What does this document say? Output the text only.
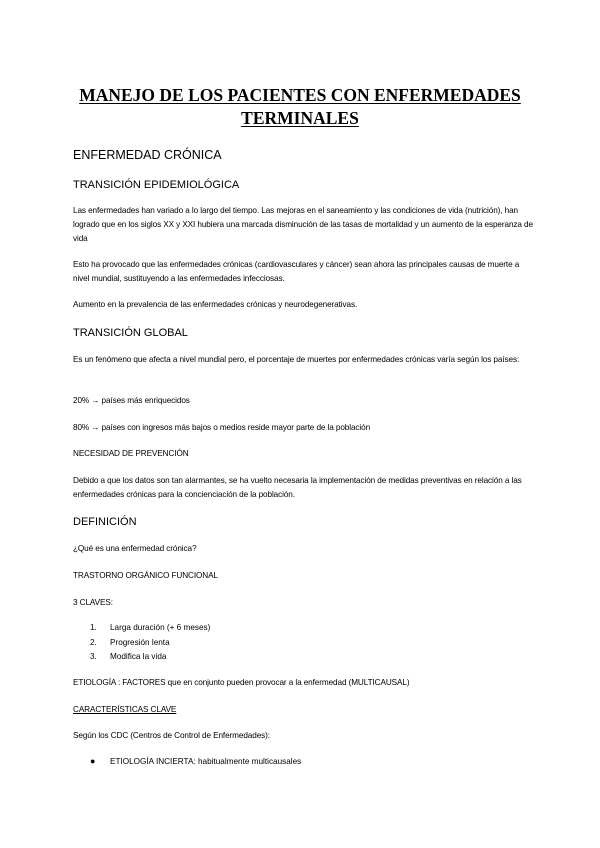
MANEJO DE LOS PACIENTES CON ENFERMEDADES TERMINALES
ENFERMEDAD CRÓNICA
TRANSICIÓN EPIDEMIOLÓGICA
Las enfermedades han variado a lo largo del tiempo. Las mejoras en el saneamiento y las condiciones de vida (nutrición), han logrado que en los siglos XX y XXI hubiera una marcada disminución de las tasas de mortalidad y un aumento de la esperanza de vida
Esto ha provocado que las enfermedades crónicas (cardiovasculares y cáncer) sean ahora las principales causas de muerte a nivel mundial, sustituyendo a las enfermedades infecciosas.
Aumento en la prevalencia de las enfermedades crónicas y neurodegenerativas.
TRANSICIÓN GLOBAL
Es un fenómeno que afecta a nivel mundial pero, el porcentaje de muertes por enfermedades crónicas varía según los países:
20% → países más enriquecidos
80% → países con ingresos más bajos o medios reside mayor parte de la población
NECESIDAD DE PREVENCIÓN
Debido a que los datos son tan alarmantes, se ha vuelto necesaria la implementación de medidas preventivas en relación a las enfermedades crónicas para la concienciación de la población.
DEFINICIÓN
¿Qué es una enfermedad crónica?
TRASTORNO ORGÁNICO FUNCIONAL
3 CLAVES:
1. Larga duración (+ 6 meses)
2. Progresión lenta
3. Modifica la vida
ETIOLOGÍA : FACTORES que en conjunto pueden provocar a la enfermedad (MULTICAUSAL)
CARACTERÍSTICAS CLAVE
Según los CDC (Centros de Control de Enfermedades):
● ETIOLOGÍA INCIERTA: habitualmente multicausales
